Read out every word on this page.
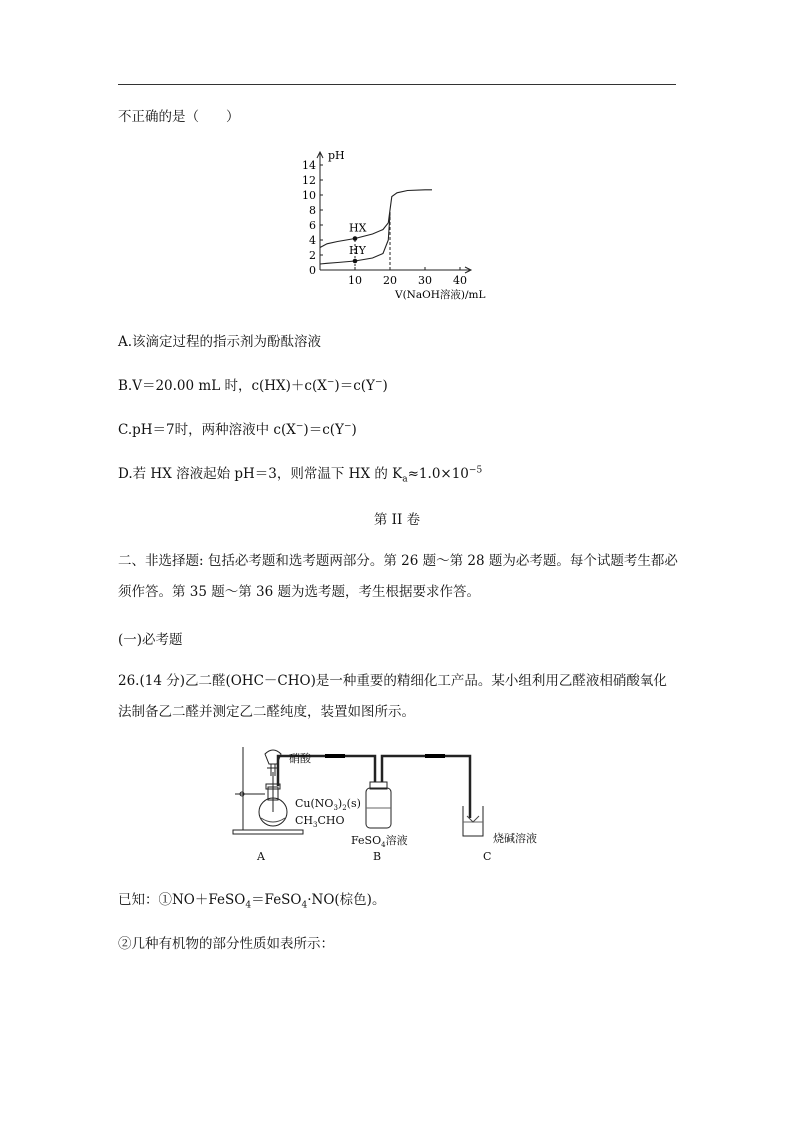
不正确的是（　　）
0
2
4
6
8
10
12
14
10 20 30 40
HX
HY
pH
V(NaOH溶液)/mL
A.该滴定过程的指示剂为酚酞溶液
B.V＝20.00 mL 时，c(HX)＋c(X−)＝c(Y−)
C.pH＝7时，两种溶液中 c(X−)＝c(Y−)
D.若 HX 溶液起始 pH＝3，则常温下 HX 的 $K_a\approx 1.0\times 10^{-5}$
第 II 卷
二、非选择题: 包括必考题和选考题两部分。第 26 题～第 28 题为必考题。每个试题考生都必须作答。第 35 题～第 36 题为选考题，考生根据要求作答。
(一)必考题
26.(14 分)乙二醛(OHC－CHO)是一种重要的精细化工产品。某小组利用乙醛液相硝酸氧化法制备乙二醛并测定乙二醛纯度，装置如图所示。
硝酸
$Cu(NO_3)_2(s)$
$CH_3CHO$
FeSO$_4$溶液	烧碱溶液
A	B	C
已知：①NO＋FeSO$_4$＝FeSO$_4$·NO(棕色)。
②几种有机物的部分性质如表所示：
